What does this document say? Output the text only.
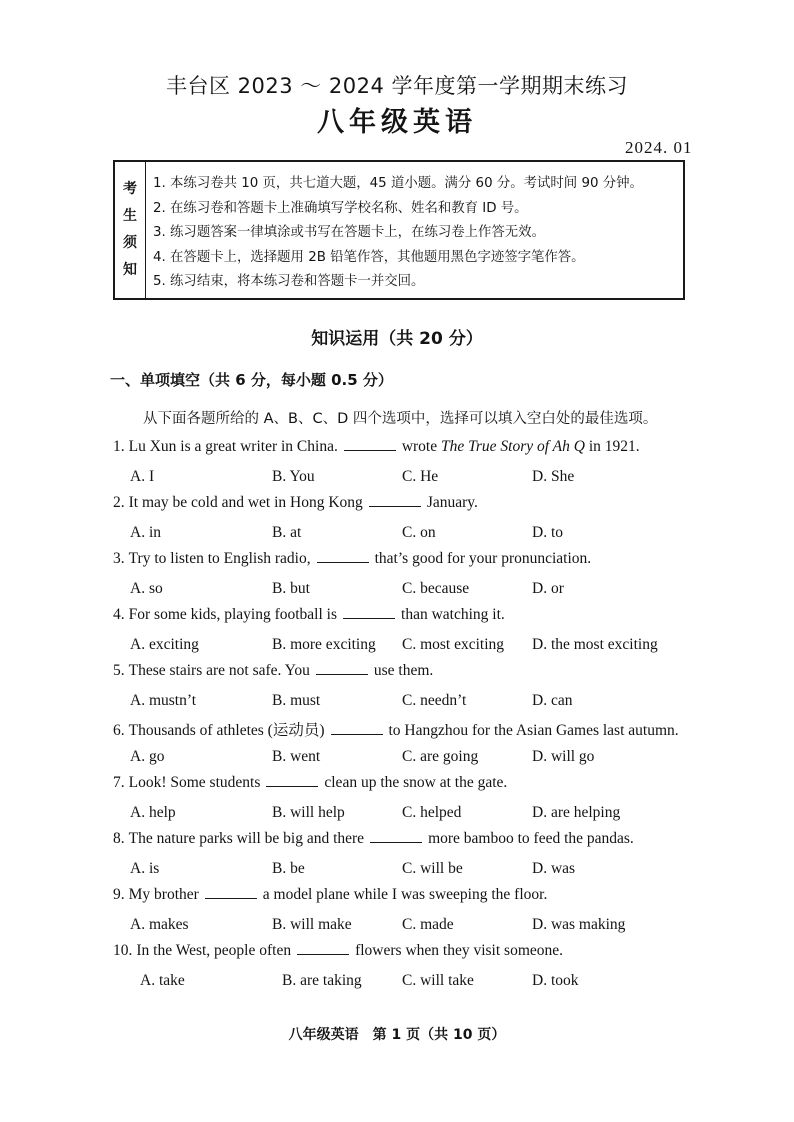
丰台区 2023 ～ 2024 学年度第一学期期末练习
八年级英语
2024. 01
考
生
须
知
1. 本练习卷共 10 页，共七道大题，45 道小题。满分 60 分。考试时间 90 分钟。
2. 在练习卷和答题卡上准确填写学校名称、姓名和教育 ID 号。
3. 练习题答案一律填涂或书写在答题卡上，在练习卷上作答无效。
4. 在答题卡上，选择题用 2B 铅笔作答，其他题用黑色字迹签字笔作答。
5. 练习结束，将本练习卷和答题卡一并交回。
知识运用（共 20 分）
一、单项填空（共 6 分，每小题 0.5 分）
从下面各题所给的 A、B、C、D 四个选项中，选择可以填入空白处的最佳选项。
1. Lu Xun is a great writer in China.	wrote The True Story of Ah Q in 1921.
A. I	B. You	C. He	D. She
2. It may be cold and wet in Hong Kong	January.
A. in	B. at	C. on	D. to
3. Try to listen to English radio,	that’s good for your pronunciation.
A. so	B. but	C. because	D. or
4. For some kids, playing football is	than watching it.
A. exciting	B. more exciting C. most exciting D. the most exciting
5. These stairs are not safe. You	use them.
A. mustn’t	B. must	C. needn’t	D. can
6. Thousands of athletes (运动员)	to Hangzhou for the Asian Games last autumn.
A. go	B. went	C. are going	D. will go
7. Look! Some students	clean up the snow at the gate.
A. help	B. will help	C. helped	D. are helping
8. The nature parks will be big and there	more bamboo to feed the pandas.
A. is	B. be	C. will be	D. was
9. My brother	a model plane while I was sweeping the floor.
A. makes	B. will make	C. made	D. was making
10. In the West, people often	flowers when they visit someone.
A. take	B. are taking	C. will take	D. took
八年级英语　第 1 页（共 10 页）
